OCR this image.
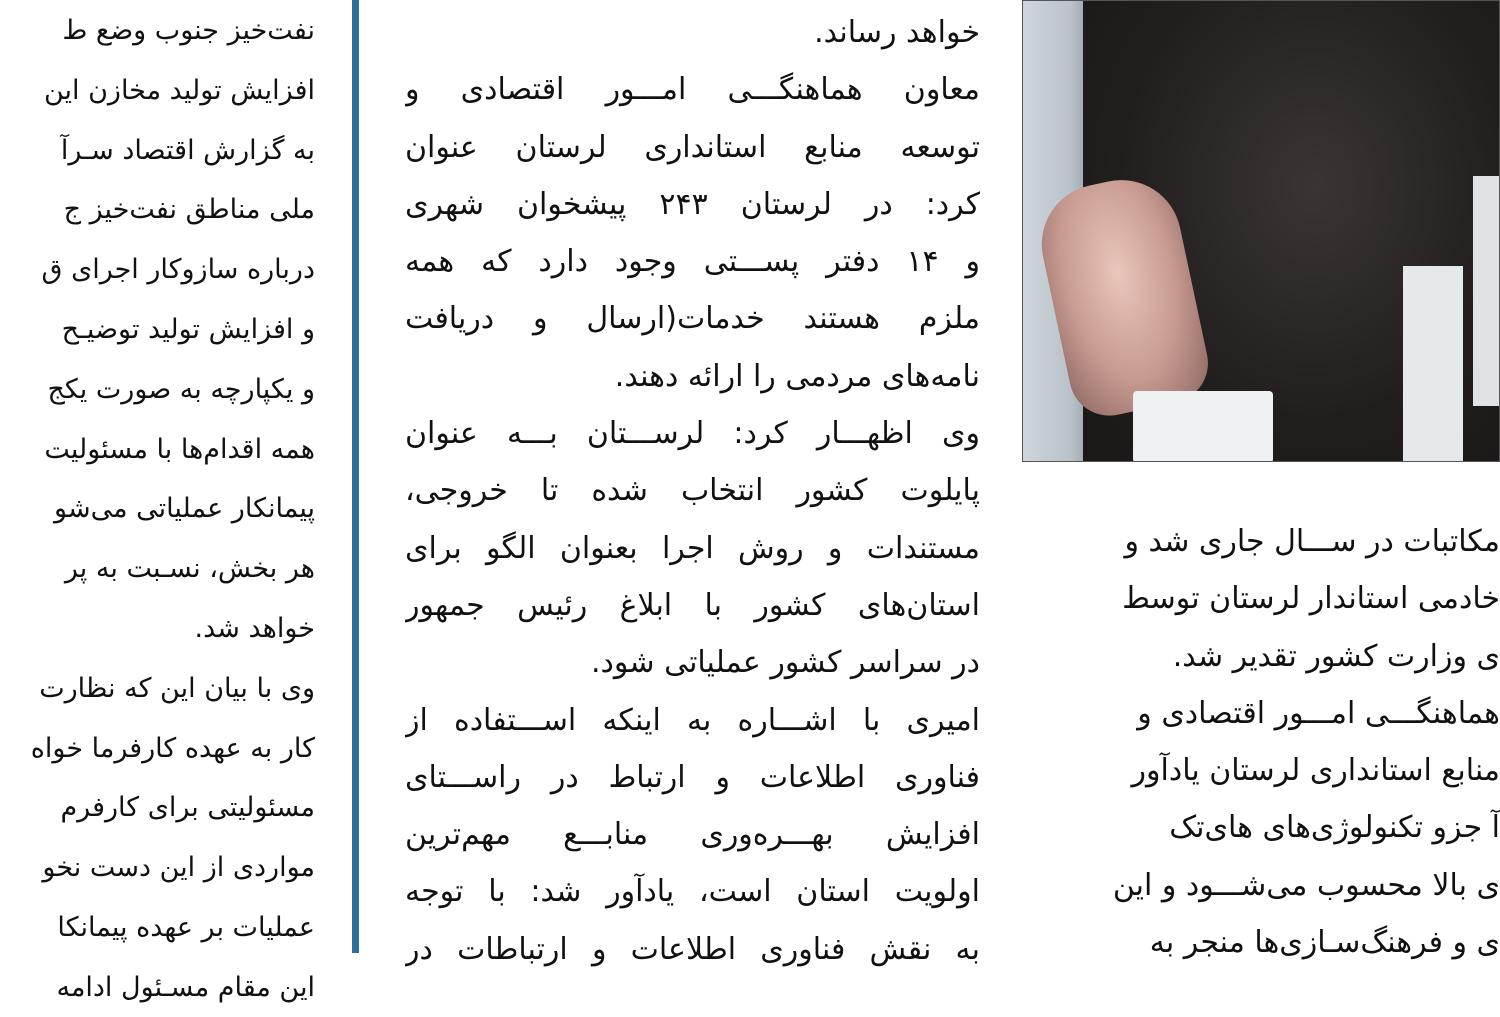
نفت‌خیز جنوب وضع ط
افزایش تولید مخازن این
به گزارش اقتصاد سـرآ
ملی مناطق نفت‌خیز ج
درباره سازوکار اجرای ق
و افزایش تولید توضیـح
و یکپارچه به صورت یکج
همه اقدام‌ها با مسئولیت
پیمانکار عملیاتی می‌شو
هر بخش، نسـبت به پر
خواهد شد.
وی با بیان این که نظارت
کار به عهده کارفرما خواه
مسئولیتی برای کارفرم
مواردی از این دست نخو
عملیات بر عهده پیمانکا
این مقام مسـئول ادامه
خواهد رساند.
معاون هماهنگـــی امـــور اقتصادی و
توسعه منابع استانداری لرستان عنوان
کرد: در لرستان ۲۴۳ پیشخوان شهری
و ۱۴ دفتر پســـتی وجود دارد که همه
ملزم هستند خدمات(ارسال و دریافت
نامه‌های مردمی را ارائه دهند.
وی اظهـــار کرد: لرســـتان بـــه عنوان
پایلوت کشور انتخاب شده تا خروجی،
مستندات و روش اجرا بعنوان الگو برای
استان‌های کشور با ابلاغ رئیس جمهور
در سراسر کشور عملیاتی شود.
امیری با اشـــاره به اینکه اســـتفاده از
فناوری اطلاعات و ارتباط در راســـتای
افزایش بهـــره‌وری منابـــع مهم‌ترین
اولویت استان است، یادآور شد: با توجه
به نقش فناوری اطلاعات و ارتباطات در
مکاتبات در ســـال جاری شد و
خادمی استاندار لرستان توسط
ی وزارت کشور تقدیر شد.
هماهنگـــی امـــور اقتصادی و
منابع استانداری لرستان یادآور
آ جزو تکنولوژی‌های های‌تک
ی بالا محسوب می‌شـــود و این
ی و فرهنگ‌سـازی‌ها منجر به
